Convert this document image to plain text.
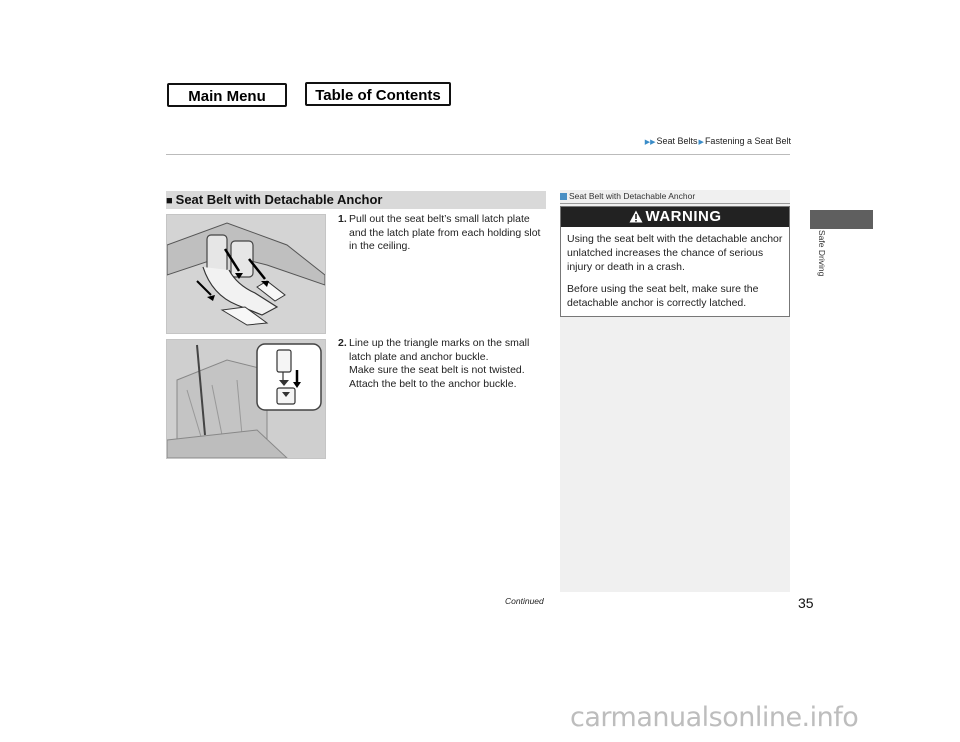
Main Menu	Table of Contents
▶▶Seat Belts▶Fastening a Seat Belt
■ Seat Belt with Detachable Anchor
1. Pull out the seat belt’s small latch plate and the latch plate from each holding slot in the ceiling.
2. Line up the triangle marks on the small latch plate and anchor buckle.
Make sure the seat belt is not twisted.
Attach the belt to the anchor buckle.
Seat Belt with Detachable Anchor
WARNING

Using the seat belt with the detachable anchor unlatched increases the chance of serious injury or death in a crash.

Before using the seat belt, make sure the detachable anchor is correctly latched.

Safe Driving
Continued	35
carmanualsonline.info
